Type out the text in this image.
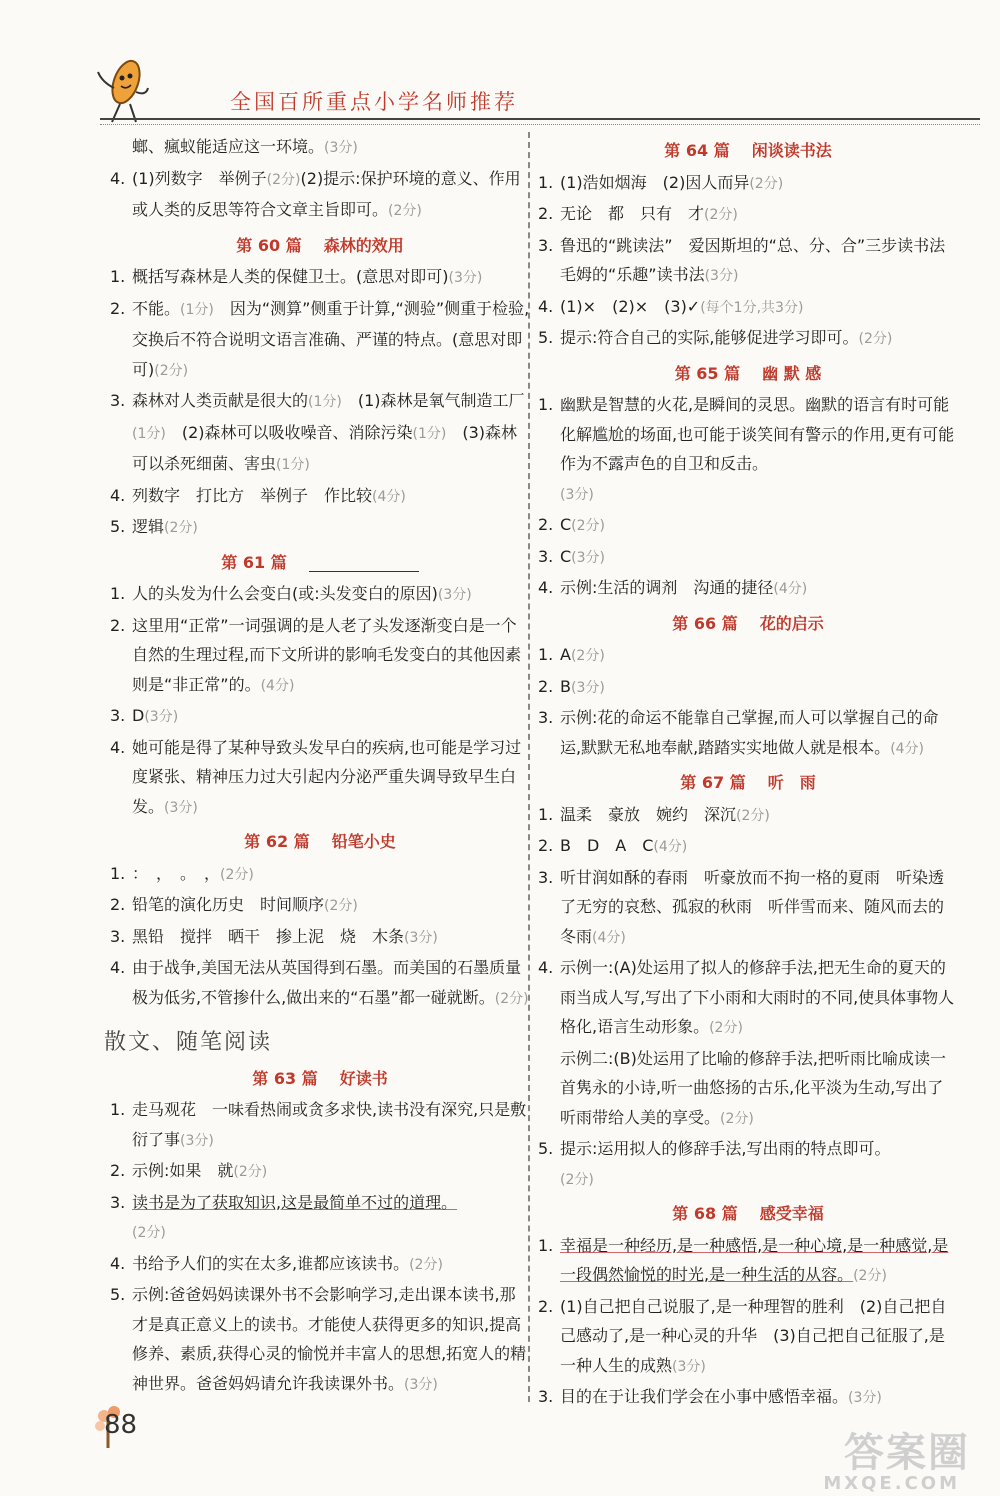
全国百所重点小学名师推荐
螂、瘋蚁能适应这一环境。(3分)
4. (1)列数字　举例子(2分)(2)提示:保护环境的意义、作用或人类的反思等符合文章主旨即可。(2分)
第 60 篇 森林的效用
1. 概括写森林是人类的保健卫士。(意思对即可)(3分)
2. 不能。(1分)　因为“测算”侧重于计算,“测验”侧重于检验,交换后不符合说明文语言准确、严谨的特点。(意思对即可)(2分)
3. 森林对人类贡献是很大的(1分)　(1)森林是氧气制造工厂(1分)　(2)森林可以吸收噪音、消除污染(1分)　(3)森林可以杀死细菌、害虫(1分)
4. 列数字　打比方　举例子　作比较(4分)
5. 逻辑(2分)
第 61 篇
1. 人的头发为什么会变白(或:头发变白的原因)(3分)
2. 这里用“正常”一词强调的是人老了头发逐渐变白是一个自然的生理过程,而下文所讲的影响毛发变白的其他因素则是“非正常”的。(4分)
3. D(3分)
4. 她可能是得了某种导致头发早白的疾病,也可能是学习过度紧张、精神压力过大引起内分泌严重失调导致早生白发。(3分)
第 62 篇 铅笔小史
1. ：　，　。　，(2分)
2. 铅笔的演化历史　时间顺序(2分)
3. 黑铅　搅拌　晒干　掺上泥　烧　木条(3分)
4. 由于战争,美国无法从英国得到石墨。而美国的石墨质量极为低劣,不管掺什么,做出来的“石墨”都一碰就断。(2分)
散文、随笔阅读
第 63 篇 好读书
1. 走马观花　一味看热闹或贪多求快,读书没有深究,只是敷衍了事(3分)
2. 示例:如果　就(2分)
3. 读书是为了获取知识,这是最简单不过的道理。
(2分)
4. 书给予人们的实在太多,谁都应该读书。(2分)
5. 示例:爸爸妈妈读课外书不会影响学习,走出课本读书,那才是真正意义上的读书。才能使人获得更多的知识,提高修养、素质,获得心灵的愉悦并丰富人的思想,拓宽人的精神世界。爸爸妈妈请允许我读课外书。(3分)
第 64 篇 闲谈读书法
1. (1)浩如烟海　(2)因人而异(2分)
2. 无论　都　只有　才(2分)
3. 鲁迅的“跳读法”　爱因斯坦的“总、分、合”三步读书法　毛姆的“乐趣”读书法(3分)
4. (1)×　(2)×　(3)✓(每个1分,共3分)
5. 提示:符合自己的实际,能够促进学习即可。(2分)
第 65 篇 幽 默 感
1. 幽默是智慧的火花,是瞬间的灵思。幽默的语言有时可能化解尴尬的场面,也可能于谈笑间有警示的作用,更有可能作为不露声色的自卫和反击。
(3分)
2. C(2分)
3. C(3分)
4. 示例:生活的调剂　沟通的捷径(4分)
第 66 篇 花的启示
1. A(2分)
2. B(3分)
3. 示例:花的命运不能靠自己掌握,而人可以掌握自己的命运,默默无私地奉献,踏踏实实地做人就是根本。(4分)
第 67 篇 听　雨
1. 温柔　豪放　婉约　深沉(2分)
2. B　D　A　C(4分)
3. 听甘润如酥的春雨　听豪放而不拘一格的夏雨　听染透了无穷的哀愁、孤寂的秋雨　听伴雪而来、随风而去的冬雨(4分)
4. 示例一:(A)处运用了拟人的修辞手法,把无生命的夏天的雨当成人写,写出了下小雨和大雨时的不同,使具体事物人格化,语言生动形象。(2分)
示例二:(B)处运用了比喻的修辞手法,把听雨比喻成读一首隽永的小诗,听一曲悠扬的古乐,化平淡为生动,写出了听雨带给人美的享受。(2分)
5. 提示:运用拟人的修辞手法,写出雨的特点即可。
(2分)
第 68 篇 感受幸福
1. 幸福是一种经历,是一种感悟,是一种心境,是一种感觉,是一段偶然愉悦的时光,是一种生活的从容。(2分)
2. (1)自己把自己说服了,是一种理智的胜利　(2)自己把自己感动了,是一种心灵的升华　(3)自己把自己征服了,是一种人生的成熟(3分)
3. 目的在于让我们学会在小事中感悟幸福。(3分)
88
答案圈
MXQE.COM
